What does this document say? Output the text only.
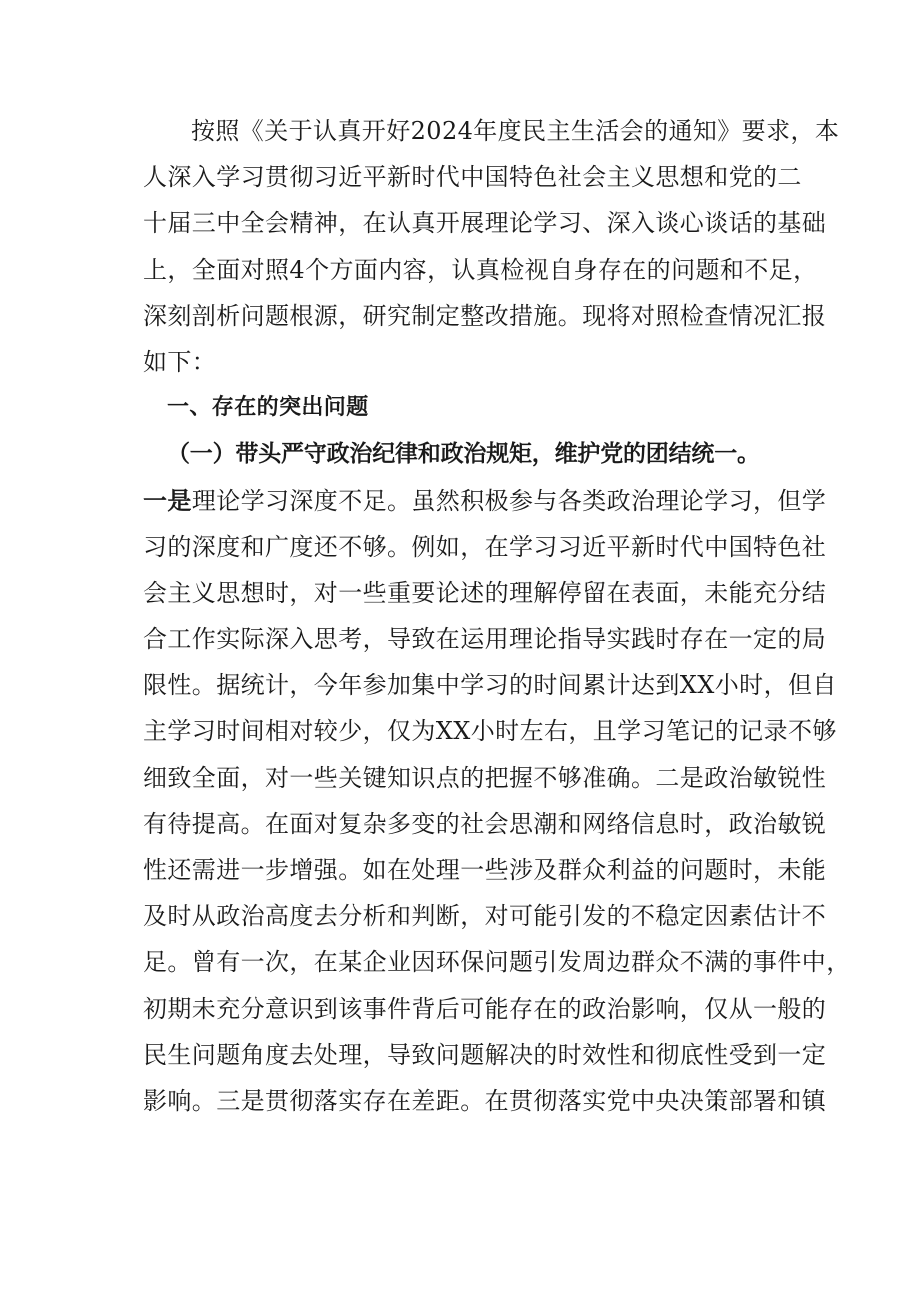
按照《关于认真开好2024年度民主生活会的通知》要求，本
人深入学习贯彻习近平新时代中国特色社会主义思想和党的二
十届三中全会精神，在认真开展理论学习、深入谈心谈话的基础
上，全面对照4个方面内容，认真检视自身存在的问题和不足，
深刻剖析问题根源，研究制定整改措施。现将对照检查情况汇报
如下：
一、存在的突出问题
（一）带头严守政治纪律和政治规矩，维护党的团结统一。
一是理论学习深度不足。虽然积极参与各类政治理论学习，但学
习的深度和广度还不够。例如，在学习习近平新时代中国特色社
会主义思想时，对一些重要论述的理解停留在表面，未能充分结
合工作实际深入思考，导致在运用理论指导实践时存在一定的局
限性。据统计，今年参加集中学习的时间累计达到XX小时，但自
主学习时间相对较少，仅为XX小时左右，且学习笔记的记录不够
细致全面，对一些关键知识点的把握不够准确。二是政治敏锐性
有待提高。在面对复杂多变的社会思潮和网络信息时，政治敏锐
性还需进一步增强。如在处理一些涉及群众利益的问题时，未能
及时从政治高度去分析和判断，对可能引发的不稳定因素估计不
足。曾有一次，在某企业因环保问题引发周边群众不满的事件中，
初期未充分意识到该事件背后可能存在的政治影响，仅从一般的
民生问题角度去处理，导致问题解决的时效性和彻底性受到一定
影响。三是贯彻落实存在差距。在贯彻落实党中央决策部署和镇
